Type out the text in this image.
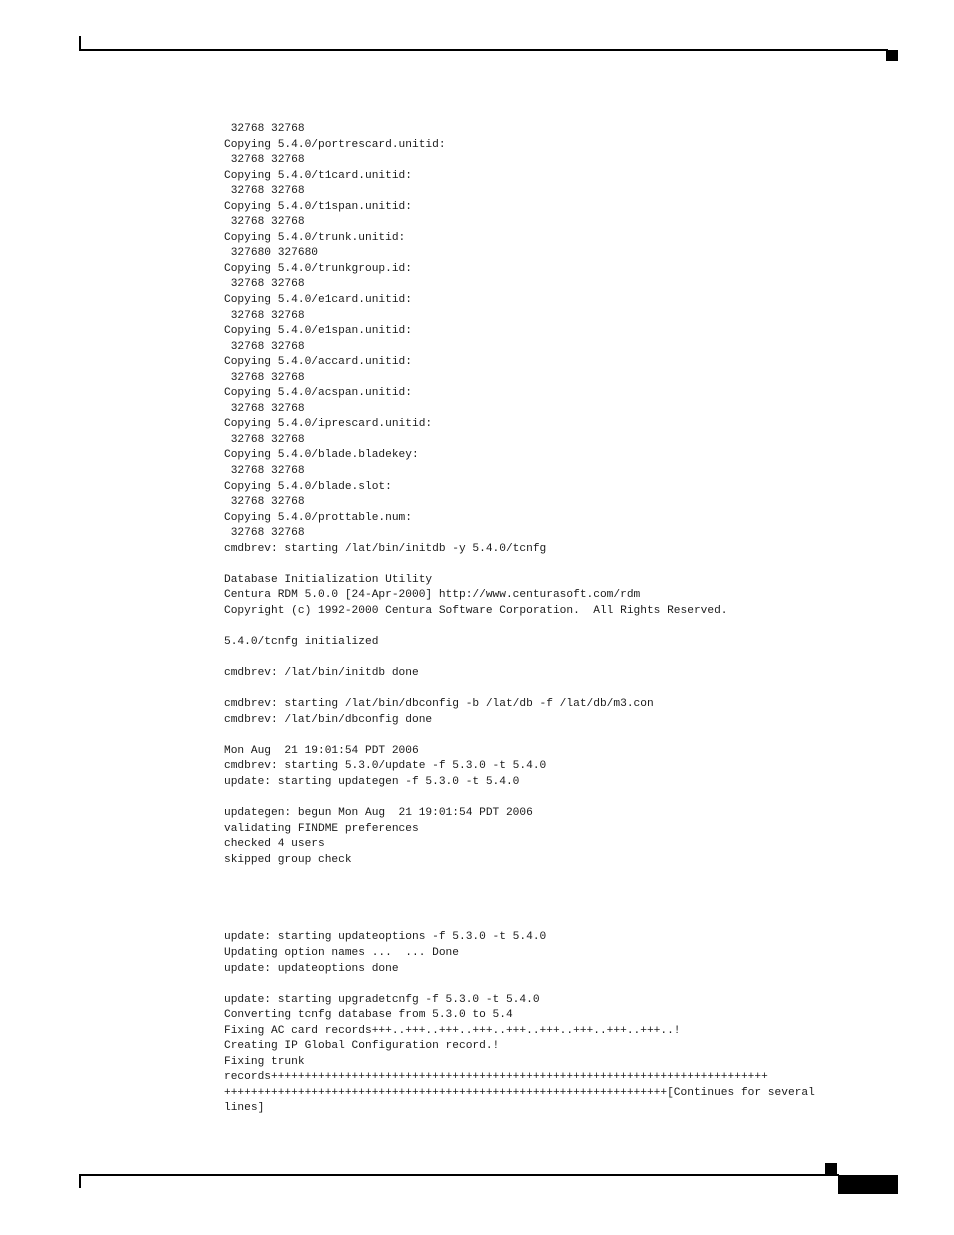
32768 32768
Copying 5.4.0/portrescard.unitid:
32768 32768
Copying 5.4.0/t1card.unitid:
32768 32768
Copying 5.4.0/t1span.unitid:
32768 32768
Copying 5.4.0/trunk.unitid:
327680 327680
Copying 5.4.0/trunkgroup.id:
32768 32768
Copying 5.4.0/e1card.unitid:
32768 32768
Copying 5.4.0/e1span.unitid:
32768 32768
Copying 5.4.0/accard.unitid:
32768 32768
Copying 5.4.0/acspan.unitid:
32768 32768
Copying 5.4.0/iprescard.unitid:
32768 32768
Copying 5.4.0/blade.bladekey:
32768 32768
Copying 5.4.0/blade.slot:
32768 32768
Copying 5.4.0/prottable.num:
32768 32768
cmdbrev: starting /lat/bin/initdb -y 5.4.0/tcnfg
Database Initialization Utility
Centura RDM 5.0.0 [24-Apr-2000] http://www.centurasoft.com/rdm
Copyright (c) 1992-2000 Centura Software Corporation.  All Rights Reserved.
5.4.0/tcnfg initialized
cmdbrev: /lat/bin/initdb done
cmdbrev: starting /lat/bin/dbconfig -b /lat/db -f /lat/db/m3.con
cmdbrev: /lat/bin/dbconfig done
Mon Aug  21 19:01:54 PDT 2006
cmdbrev: starting 5.3.0/update -f 5.3.0 -t 5.4.0
update: starting updategen -f 5.3.0 -t 5.4.0
updategen: begun Mon Aug  21 19:01:54 PDT 2006
validating FINDME preferences
checked 4 users
skipped group check
update: starting updateoptions -f 5.3.0 -t 5.4.0
Updating option names ...  ... Done
update: updateoptions done
update: starting upgradetcnfg -f 5.3.0 -t 5.4.0
Converting tcnfg database from 5.3.0 to 5.4
Fixing AC card records+++..+++..+++..+++..+++..+++..+++..+++..+++..!
Creating IP Global Configuration record.!
Fixing trunk
records++++++++++++++++++++++++++++++++++++++++++++++++++++++++++++++++++++++++++
++++++++++++++++++++++++++++++++++++++++++++++++++++++++++++++++++[Continues for several
lines]
